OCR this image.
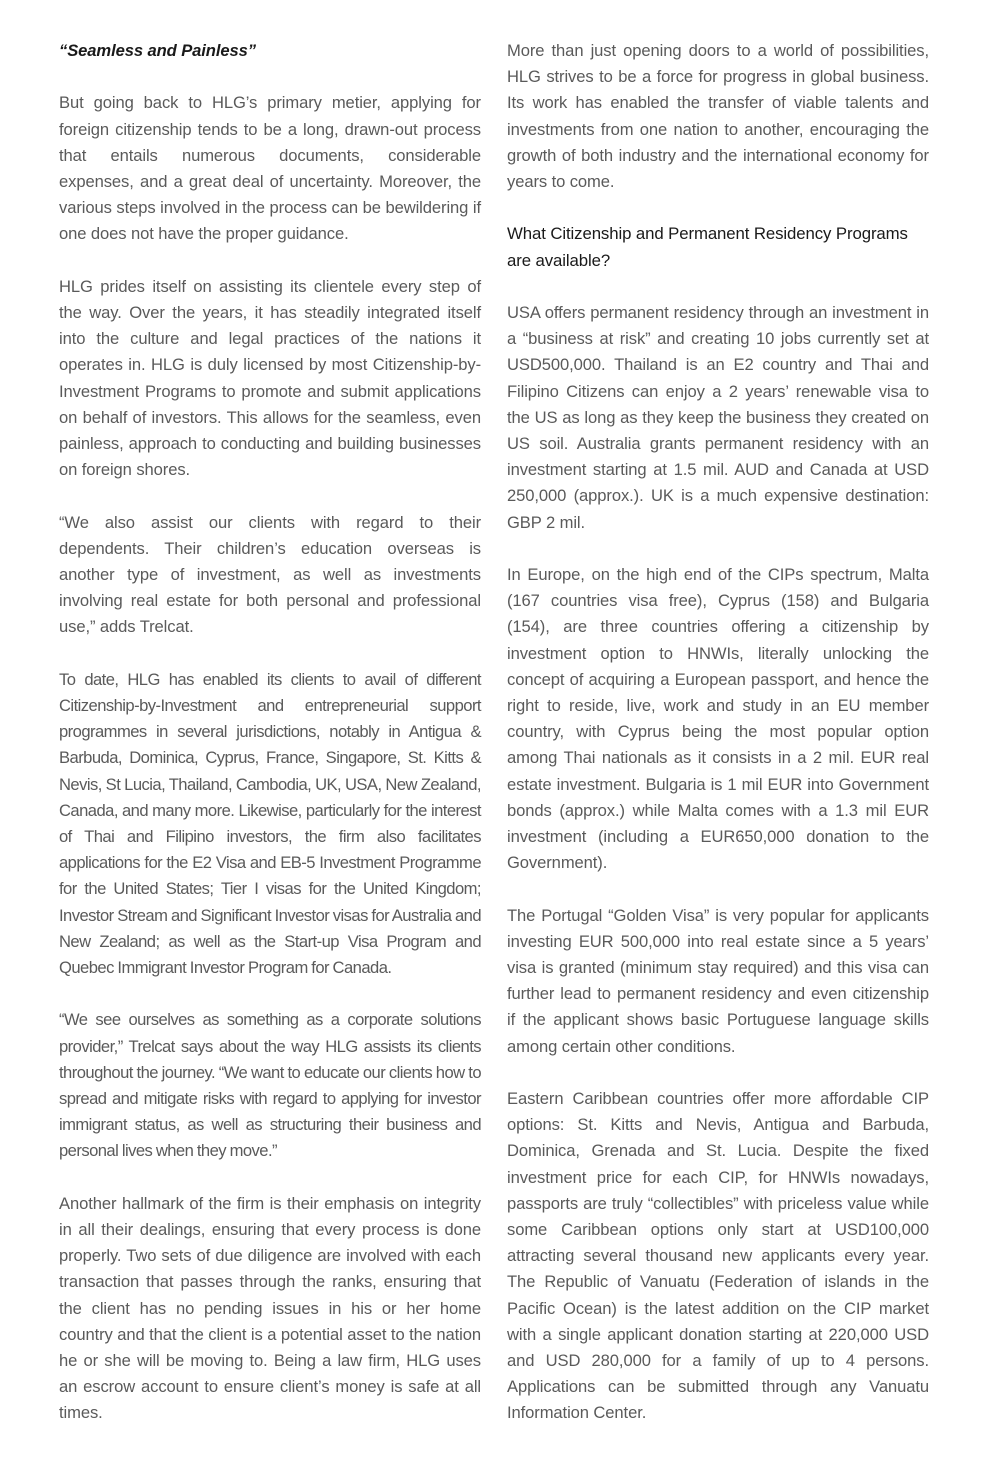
“Seamless and Painless”

But going back to HLG’s primary metier, applying for foreign citizenship tends to be a long, drawn-out process that entails numerous documents, considerable expenses, and a great deal of uncertainty. Moreover, the various steps involved in the process can be bewildering if one does not have the proper guidance.

HLG prides itself on assisting its clientele every step of the way. Over the years, it has steadily integrated itself into the culture and legal practices of the nations it operates in. HLG is duly licensed by most Citizenship-by-Investment Programs to promote and submit applications on behalf of investors. This allows for the seamless, even painless, approach to conducting and building businesses on foreign shores.

“We also assist our clients with regard to their dependents. Their children’s education overseas is another type of investment, as well as investments involving real estate for both personal and professional use,” adds Trelcat.

To date, HLG has enabled its clients to avail of different Citizenship-by-Investment and entrepreneurial support programmes in several jurisdictions, notably in Antigua & Barbuda, Dominica, Cyprus, France, Singapore, St. Kitts & Nevis, St Lucia, Thailand, Cambodia, UK, USA, New Zealand, Canada, and many more. Likewise, particularly for the interest of Thai and Filipino investors, the firm also facilitates applications for the E2 Visa and EB-5 Investment Programme for the United States; Tier I visas for the United Kingdom; Investor Stream and Significant Investor visas for Australia and New Zealand; as well as the Start-up Visa Program and Quebec Immigrant Investor Program for Canada.

“We see ourselves as something as a corporate solutions provider,” Trelcat says about the way HLG assists its clients throughout the journey. “We want to educate our clients how to spread and mitigate risks with regard to applying for investor immigrant status, as well as structuring their business and personal lives when they move.”

Another hallmark of the firm is their emphasis on integrity in all their dealings, ensuring that every process is done properly. Two sets of due diligence are involved with each transaction that passes through the ranks, ensuring that the client has no pending issues in his or her home country and that the client is a potential asset to the nation he or she will be moving to. Being a law firm, HLG uses an escrow account to ensure client’s money is safe at all times.

More than just opening doors to a world of possibilities, HLG strives to be a force for progress in global business. Its work has enabled the transfer of viable talents and investments from one nation to another, encouraging the growth of both industry and the international economy for years to come.

What Citizenship and Permanent Residency Programs are available?

USA offers permanent residency through an investment in a “business at risk” and creating 10 jobs currently set at USD500,000. Thailand is an E2 country and Thai and Filipino Citizens can enjoy a 2 years’ renewable visa to the US as long as they keep the business they created on US soil. Australia grants permanent residency with an investment starting at 1.5 mil. AUD and Canada at USD 250,000 (approx.). UK is a much expensive destination: GBP 2 mil.

In Europe, on the high end of the CIPs spectrum, Malta (167 countries visa free), Cyprus (158) and Bulgaria (154), are three countries offering a citizenship by investment option to HNWIs, literally unlocking the concept of acquiring a European passport, and hence the right to reside, live, work and study in an EU member country, with Cyprus being the most popular option among Thai nationals as it consists in a 2 mil. EUR real estate investment. Bulgaria is 1 mil EUR into Government bonds (approx.) while Malta comes with a 1.3 mil EUR investment (including a EUR650,000 donation to the Government).

The Portugal “Golden Visa” is very popular for applicants investing EUR 500,000 into real estate since a 5 years’ visa is granted (minimum stay required) and this visa can further lead to permanent residency and even citizenship if the applicant shows basic Portuguese language skills among certain other conditions.

Eastern Caribbean countries offer more affordable CIP options: St. Kitts and Nevis, Antigua and Barbuda, Dominica, Grenada and St. Lucia. Despite the fixed investment price for each CIP, for HNWIs nowadays, passports are truly “collectibles” with priceless value while some Caribbean options only start at USD100,000 attracting several thousand new applicants every year. The Republic of Vanuatu (Federation of islands in the Pacific Ocean) is the latest addition on the CIP market with a single applicant donation starting at 220,000 USD and USD 280,000 for a family of up to 4 persons. Applications can be submitted through any Vanuatu Information Center.
